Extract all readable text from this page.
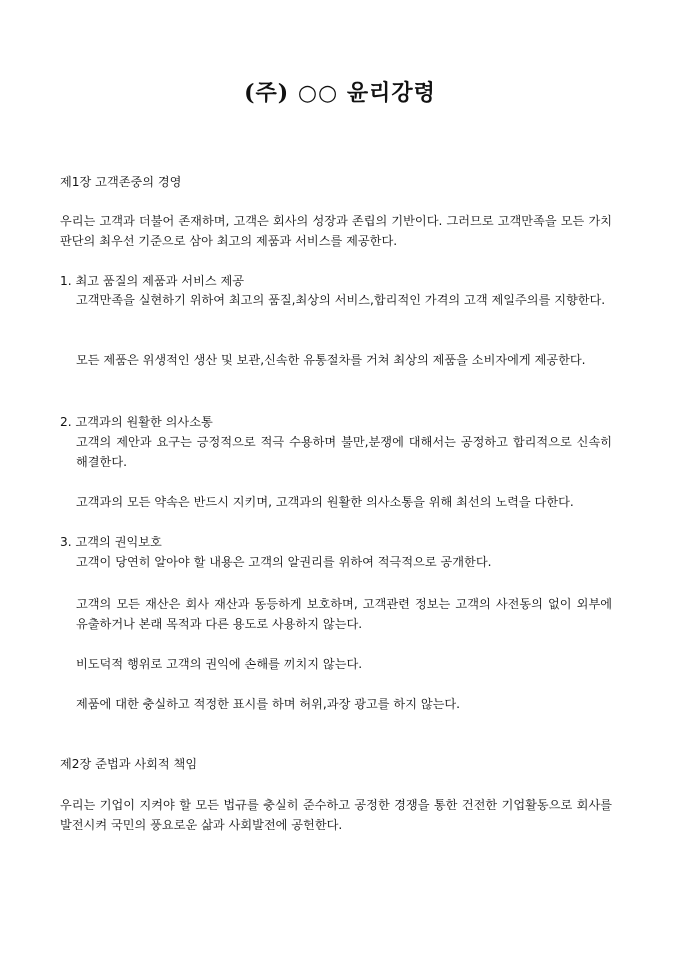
(주) ○○ 윤리강령
제1장 고객존중의 경영
우리는 고객과 더불어 존재하며, 고객은 회사의 성장과 존립의 기반이다. 그러므로 고객만족을 모든 가치판단의 최우선 기준으로 삼아 최고의 제품과 서비스를 제공한다.
1. 최고 품질의 제품과 서비스 제공
고객만족을 실현하기 위하여 최고의 품질,최상의 서비스,합리적인 가격의 고객 제일주의를 지향한다.
모든 제품은 위생적인 생산 및 보관,신속한 유통절차를 거쳐 최상의 제품을 소비자에게 제공한다.
2. 고객과의 원활한 의사소통
고객의 제안과 요구는 긍정적으로 적극 수용하며 불만,분쟁에 대해서는 공정하고 합리적으로 신속히 해결한다.
고객과의 모든 약속은 반드시 지키며, 고객과의 원활한 의사소통을 위해 최선의 노력을 다한다.
3. 고객의 권익보호
고객이 당연히 알아야 할 내용은 고객의 알권리를 위하여 적극적으로 공개한다.
고객의 모든 재산은 회사 재산과 동등하게 보호하며, 고객관련 정보는 고객의 사전동의 없이 외부에 유출하거나 본래 목적과 다른 용도로 사용하지 않는다.
비도덕적 행위로 고객의 권익에 손해를 끼치지 않는다.
제품에 대한 충실하고 적정한 표시를 하며 허위,과장 광고를 하지 않는다.
제2장 준법과 사회적 책임
우리는 기업이 지켜야 할 모든 법규를 충실히 준수하고 공정한 경쟁을 통한 건전한 기업활동으로 회사를 발전시켜 국민의 풍요로운 삶과 사회발전에 공헌한다.
